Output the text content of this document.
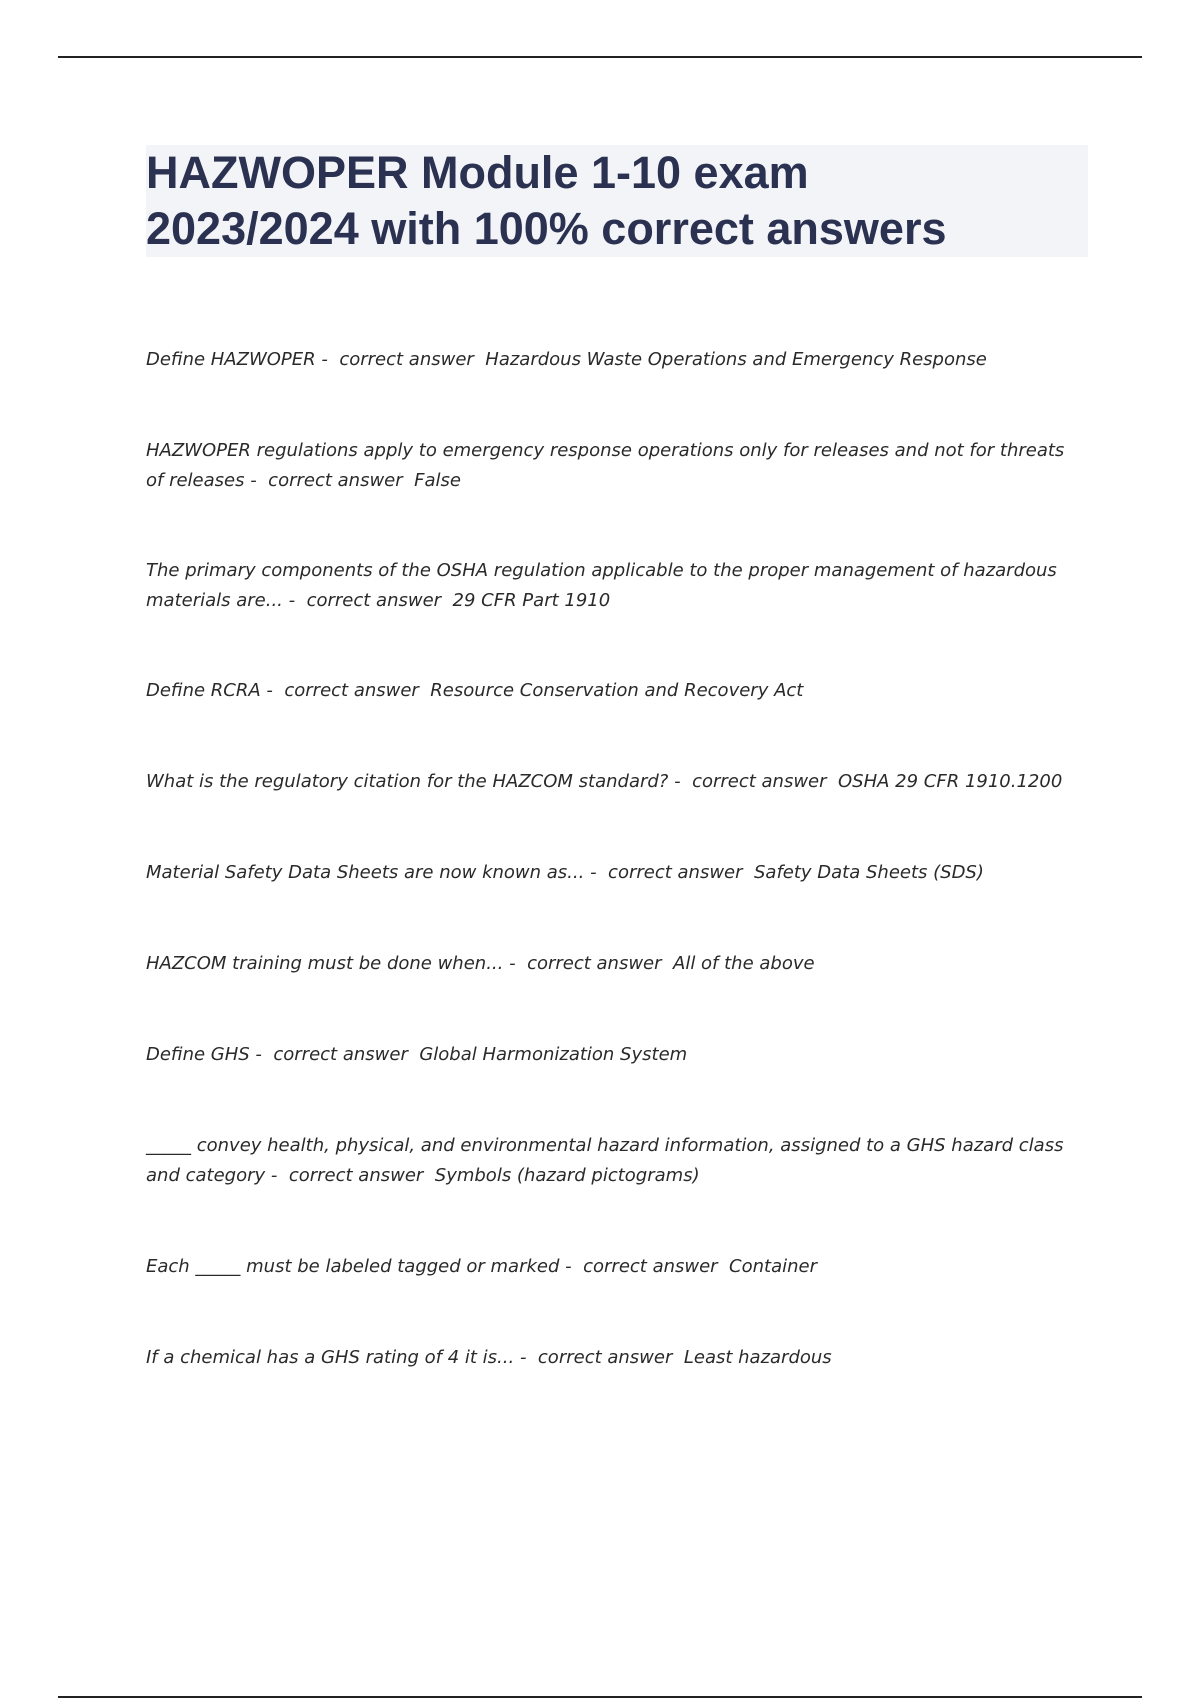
HAZWOPER Module 1-10 exam
2023/2024 with 100% correct answers

Define HAZWOPER -  correct answer Hazardous Waste Operations and Emergency Response

HAZWOPER regulations apply to emergency response operations only for releases and not for threats of releases -  correct answer False

The primary components of the OSHA regulation applicable to the proper management of hazardous materials are... -  correct answer 29 CFR Part 1910

Define RCRA -  correct answer Resource Conservation and Recovery Act

What is the regulatory citation for the HAZCOM standard? -  correct answer OSHA 29 CFR 1910.1200

Material Safety Data Sheets are now known as... -  correct answer Safety Data Sheets (SDS)

HAZCOM training must be done when... -  correct answer All of the above

Define GHS -  correct answer Global Harmonization System

_____ convey health, physical, and environmental hazard information, assigned to a GHS hazard class and category -  correct answer Symbols (hazard pictograms)

Each _____ must be labeled tagged or marked -  correct answer Container

If a chemical has a GHS rating of 4 it is... -  correct answer Least hazardous
